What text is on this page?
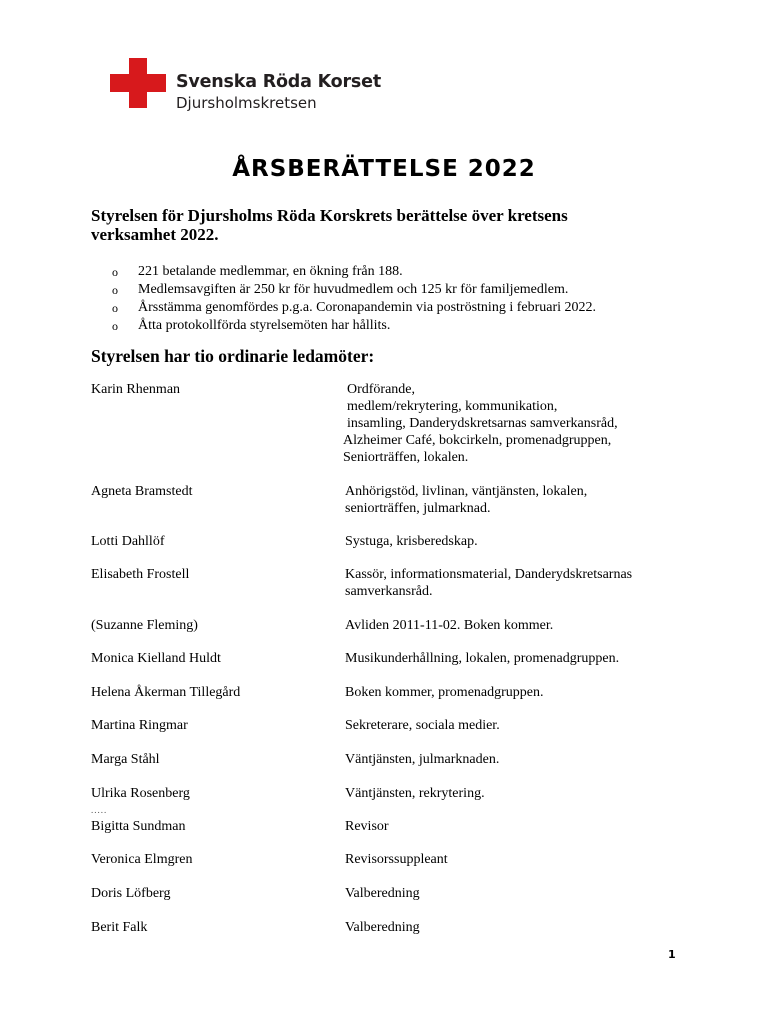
Svenska Röda Korset
Djursholmskretsen
ÅRSBERÄTTELSE 2022
Styrelsen för Djursholms Röda Korskrets berättelse över kretsens verksamhet 2022.
o 221 betalande medlemmar, en ökning från 188.
o Medlemsavgiften är 250 kr för huvudmedlem och 125 kr för familjemedlem.
o Årsstämma genomfördes p.g.a. Coronapandemin via poströstning i februari 2022.
o Åtta protokollförda styrelsemöten har hållits.
Styrelsen har tio ordinarie ledamöter:
Karin Rhenman	Ordförande,
medlem/rekrytering, kommunikation,
insamling, Danderydskretsarnas samverkansråd,
Alzheimer Café, bokcirkeln, promenadgruppen,
Seniorträffen, lokalen.
Agneta Bramstedt	Anhörigstöd, livlinan, väntjänsten, lokalen,
seniorträffen, julmarknad.
Lotti Dahllöf	Systuga, krisberedskap.
Elisabeth Frostell	Kassör, informationsmaterial, Danderydskretsarnas
samverkansråd.
(Suzanne Fleming)	Avliden 2011-11-02. Boken kommer.
Monica Kielland Huldt	Musikunderhållning, lokalen, promenadgruppen.
Helena Åkerman Tillegård	Boken kommer, promenadgruppen.
Martina Ringmar	Sekreterare, sociala medier.
Marga Ståhl	Väntjänsten, julmarknaden.
Ulrika Rosenberg	Väntjänsten, rekrytering.
.....
Bigitta Sundman	Revisor
Veronica Elmgren	Revisorssuppleant
Doris Löfberg	Valberedning
Berit Falk	Valberedning
1
